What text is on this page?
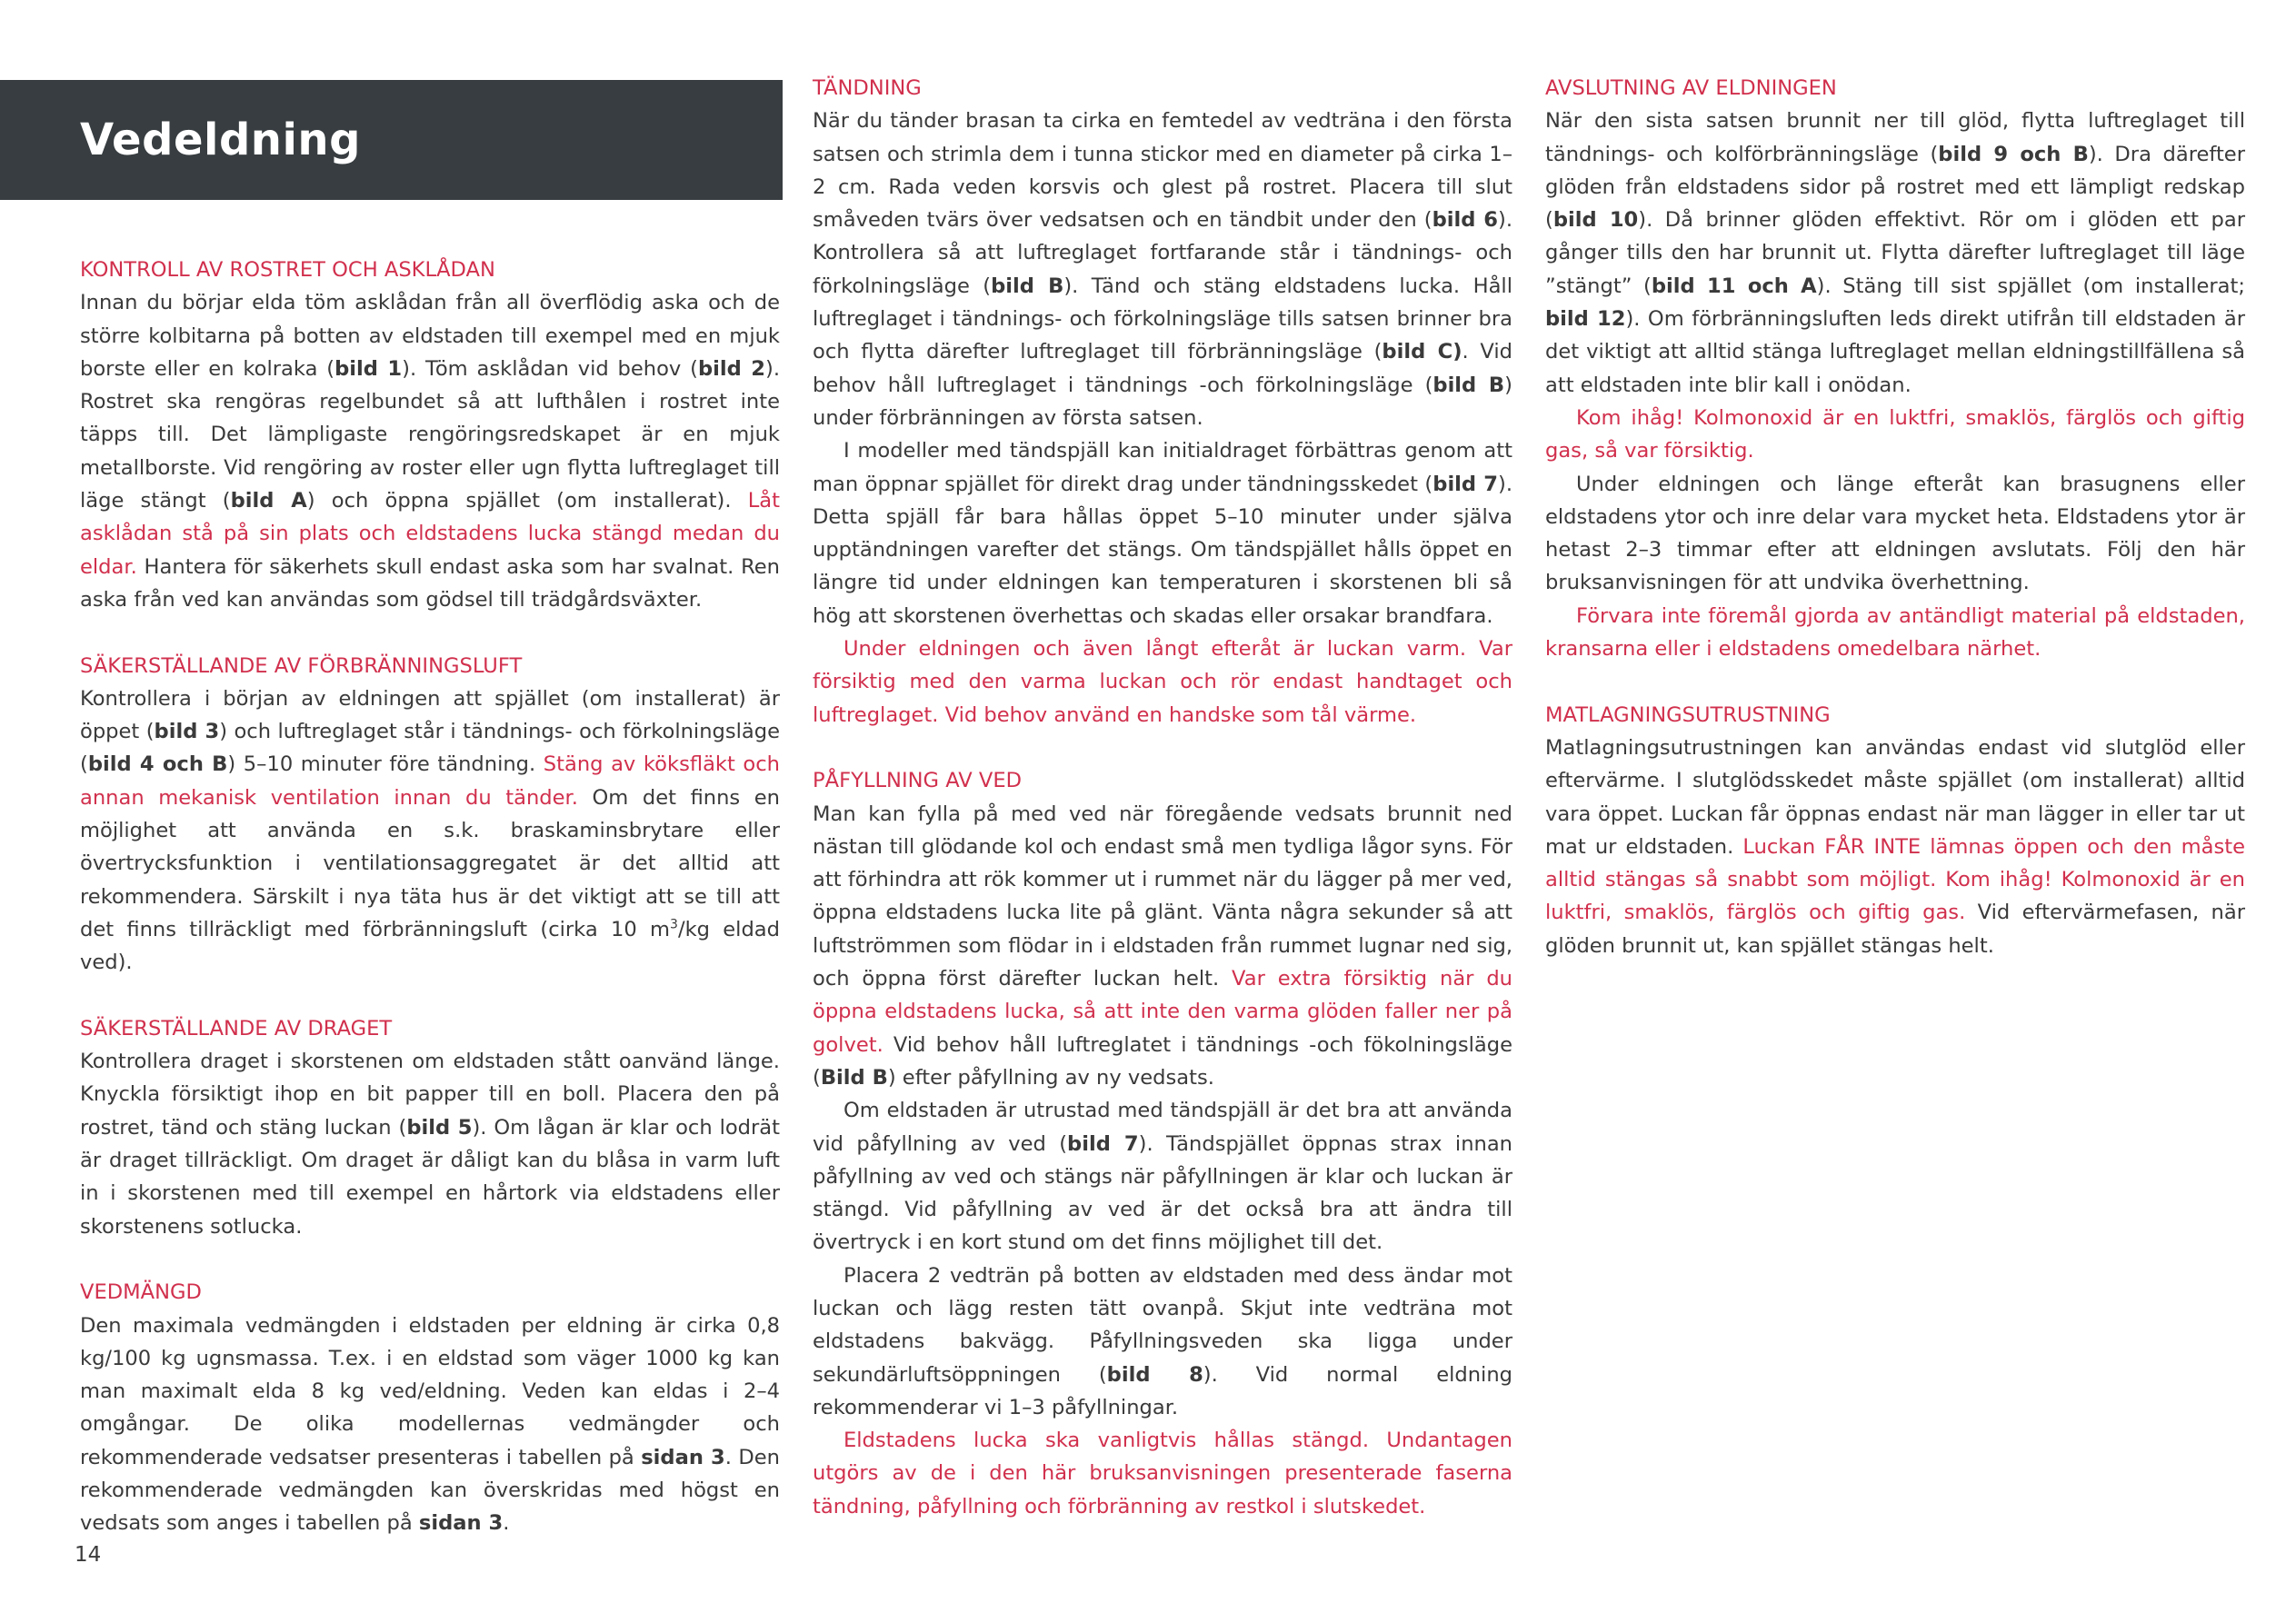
Vedeldning

KONTROLL AV ROSTRET OCH ASKLÅDAN

Innan du börjar elda töm asklådan från all överflödig aska och de större kolbitarna på botten av eldstaden till exempel med en mjuk borste eller en kolraka (bild 1). Töm asklådan vid behov (bild 2). Rostret ska rengöras regelbundet så att lufthålen i rostret inte täpps till. Det lämpligaste rengöringsredskapet är en mjuk metallborste. Vid rengöring av roster eller ugn flytta luftreglaget till läge stängt (bild A) och öppna spjället (om installerat). Låt asklådan stå på sin plats och eldstadens lucka stängd medan du eldar. Hantera för säkerhets skull endast aska som har svalnat. Ren aska från ved kan användas som gödsel till trädgårdsväxter.

SÄKERSTÄLLANDE AV FÖRBRÄNNINGSLUFT

Kontrollera i början av eldningen att spjället (om installerat) är öppet (bild 3) och luftreglaget står i tändnings- och förkolningsläge (bild 4 och B) 5–10 minuter före tändning. Stäng av köksfläkt och annan mekanisk ventilation innan du tänder. Om det finns en möjlighet att använda en s.k. braskaminsbrytare eller övertrycksfunktion i ventilationsaggregatet är det alltid att rekommendera. Särskilt i nya täta hus är det viktigt att se till att det finns tillräckligt med förbränningsluft (cirka 10 $m^3/kg$ eldad ved).

SÄKERSTÄLLANDE AV DRAGET

Kontrollera draget i skorstenen om eldstaden stått oanvänd länge. Knyckla försiktigt ihop en bit papper till en boll. Placera den på rostret, tänd och stäng luckan (bild 5). Om lågan är klar och lodrät är draget tillräckligt. Om draget är dåligt kan du blåsa in varm luft in i skorstenen med till exempel en hårtork via eldstadens eller skorstenens sotlucka.

VEDMÄNGD

Den maximala vedmängden i eldstaden per eldning är cirka 0,8 kg/100 kg ugnsmassa. T.ex. i en eldstad som väger 1000 kg kan man maximalt elda 8 kg ved/eldning. Veden kan eldas i 2–4 omgångar. De olika modellernas vedmängder och rekommenderade vedsatser presenteras i tabellen på sidan 3. Den rekommenderade vedmängden kan överskridas med högst en vedsats som anges i tabellen på sidan 3.

TÄNDNING

När du tänder brasan ta cirka en femtedel av vedträna i den första satsen och strimla dem i tunna stickor med en diameter på cirka 1–2 cm. Rada veden korsvis och glest på rostret. Placera till slut småveden tvärs över vedsatsen och en tändbit under den (bild 6). Kontrollera så att luftreglaget fortfarande står i tändnings- och förkolningsläge (bild B). Tänd och stäng eldstadens lucka. Håll luftreglaget i tändnings- och förkolningsläge tills satsen brinner bra och flytta därefter luftreglaget till förbränningsläge (bild C). Vid behov håll luftreglaget i tändnings -och förkolningsläge (bild B) under förbränningen av första satsen.

I modeller med tändspjäll kan initialdraget förbättras genom att man öppnar spjället för direkt drag under tändningsskedet (bild 7). Detta spjäll får bara hållas öppet 5–10 minuter under själva upptändningen varefter det stängs. Om tändspjället hålls öppet en längre tid under eldningen kan temperaturen i skorstenen bli så hög att skorstenen överhettas och skadas eller orsakar brandfara.

Under eldningen och även långt efteråt är luckan varm. Var försiktig med den varma luckan och rör endast handtaget och luftreglaget. Vid behov använd en handske som tål värme.

PÅFYLLNING AV VED

Man kan fylla på med ved när föregående vedsats brunnit ned nästan till glödande kol och endast små men tydliga lågor syns. För att förhindra att rök kommer ut i rummet när du lägger på mer ved, öppna eldstadens lucka lite på glänt. Vänta några sekunder så att luftströmmen som flödar in i eldstaden från rummet lugnar ned sig, och öppna först därefter luckan helt. Var extra försiktig när du öppna eldstadens lucka, så att inte den varma glöden faller ner på golvet. Vid behov håll luftreglatet i tändnings -och fökolningsläge (Bild B) efter påfyllning av ny vedsats.

Om eldstaden är utrustad med tändspjäll är det bra att använda vid påfyllning av ved (bild 7). Tändspjället öppnas strax innan påfyllning av ved och stängs när påfyllningen är klar och luckan är stängd. Vid påfyllning av ved är det också bra att ändra till övertryck i en kort stund om det finns möjlighet till det.

Placera 2 vedträn på botten av eldstaden med dess ändar mot luckan och lägg resten tätt ovanpå. Skjut inte vedträna mot eldstadens bakvägg. Påfyllningsveden ska ligga under sekundärluftsöppningen (bild 8). Vid normal eldning rekommenderar vi 1–3 påfyllningar.

Eldstadens lucka ska vanligtvis hållas stängd. Undantagen utgörs av de i den här bruksanvisningen presenterade faserna tändning, påfyllning och förbränning av restkol i slutskedet.

AVSLUTNING AV ELDNINGEN

När den sista satsen brunnit ner till glöd, flytta luftreglaget till tändnings- och kolförbränningsläge (bild 9 och B). Dra därefter glöden från eldstadens sidor på rostret med ett lämpligt redskap (bild 10). Då brinner glöden effektivt. Rör om i glöden ett par gånger tills den har brunnit ut. Flytta därefter luftreglaget till läge ”stängt” (bild 11 och A). Stäng till sist spjället (om installerat; bild 12). Om förbränningsluften leds direkt utifrån till eldstaden är det viktigt att alltid stänga luftreglaget mellan eldningstillfällena så att eldstaden inte blir kall i onödan.

Kom ihåg! Kolmonoxid är en luktfri, smaklös, färglös och giftig gas, så var försiktig.

Under eldningen och länge efteråt kan brasugnens eller eldstadens ytor och inre delar vara mycket heta. Eldstadens ytor är hetast 2–3 timmar efter att eldningen avslutats. Följ den här bruksanvisningen för att undvika överhettning.

Förvara inte föremål gjorda av antändligt material på eldstaden, kransarna eller i eldstadens omedelbara närhet.

MATLAGNINGSUTRUSTNING

Matlagningsutrustningen kan användas endast vid slutglöd eller eftervärme. I slutglödsskedet måste spjället (om installerat) alltid vara öppet. Luckan får öppnas endast när man lägger in eller tar ut mat ur eldstaden. Luckan FÅR INTE lämnas öppen och den måste alltid stängas så snabbt som möjligt. Kom ihåg! Kolmonoxid är en luktfri, smaklös, färglös och giftig gas. Vid eftervärmefasen, när glöden brunnit ut, kan spjället stängas helt.

14
